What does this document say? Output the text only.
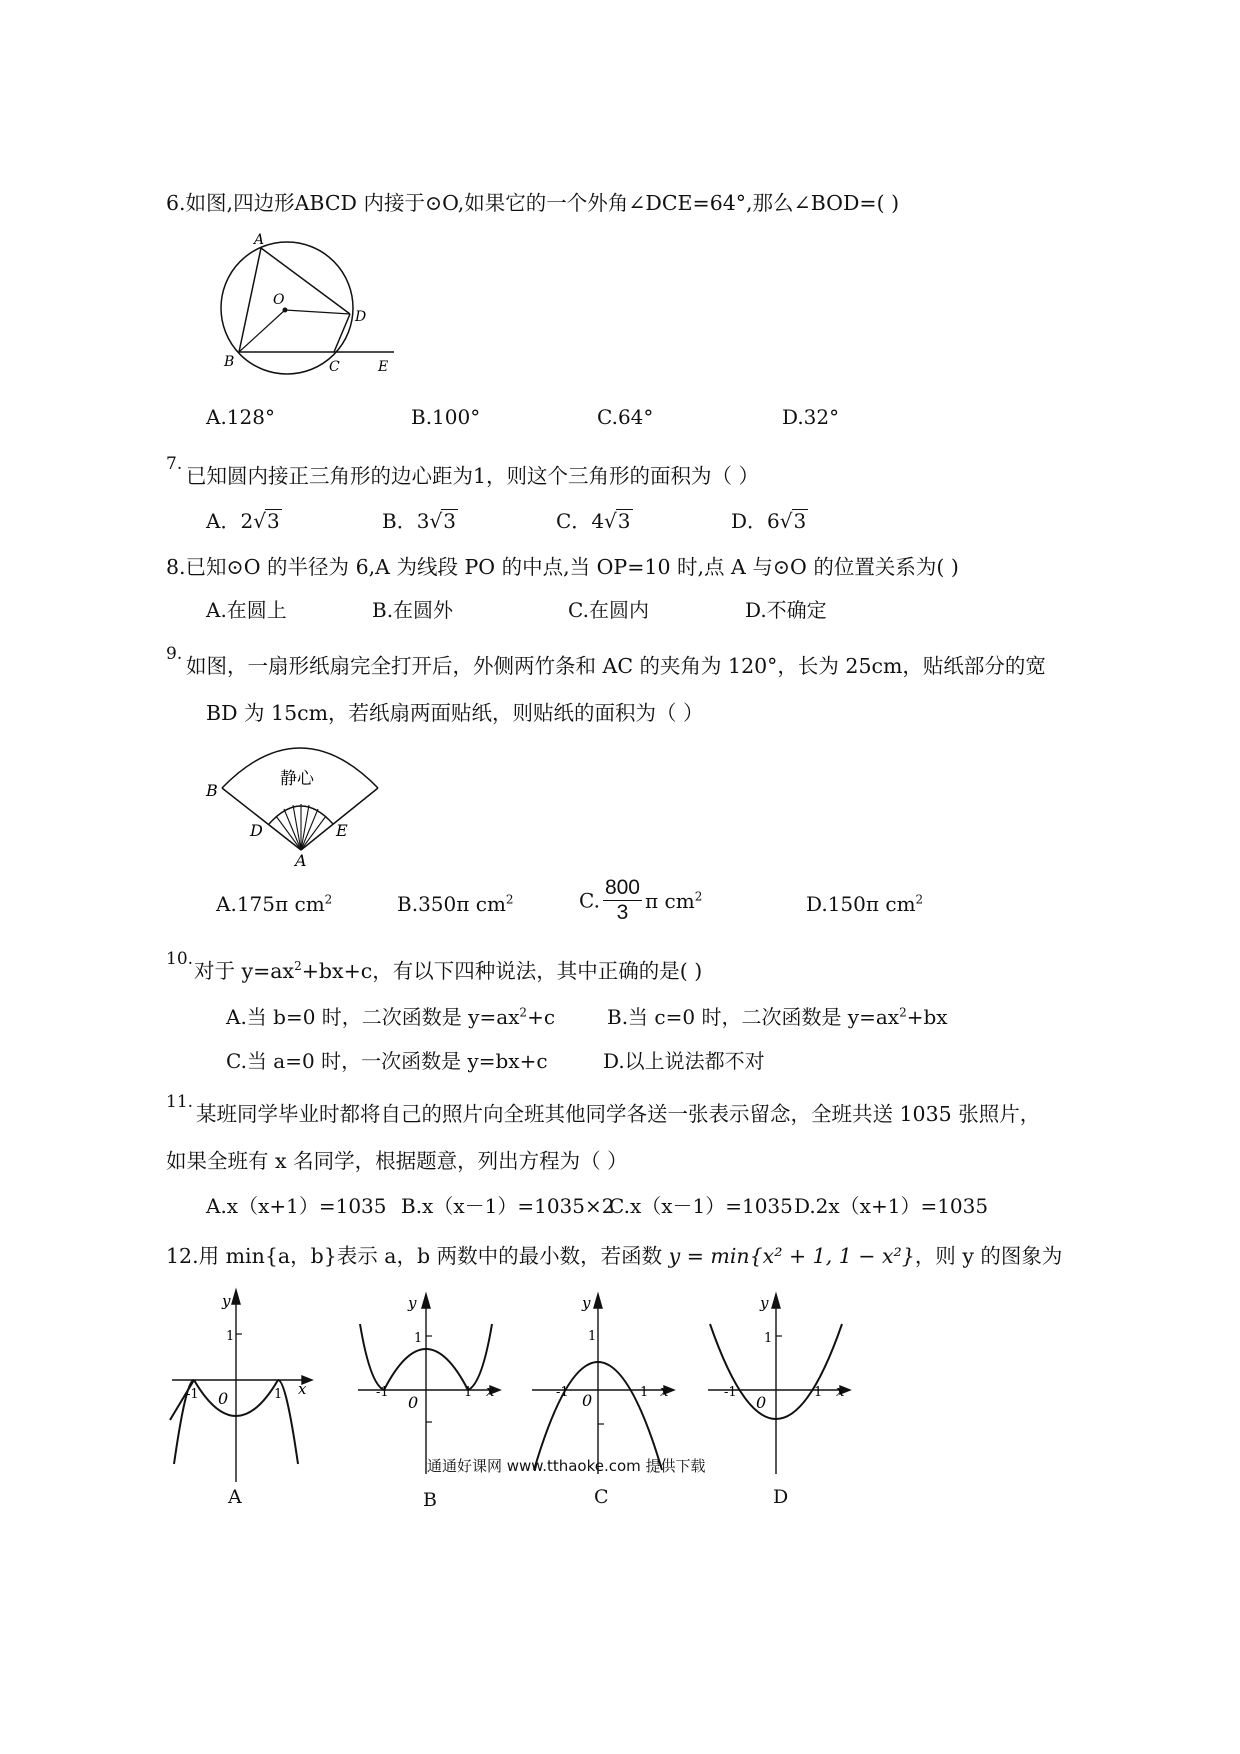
6.如图,四边形ABCD 内接于⊙O,如果它的一个外角∠DCE=64°,那么∠BOD=( )
A
O
D
B	C	E
A.128°	B.100°	C.64°	D.32°
7. 已知圆内接正三角形的边心距为1，则这个三角形的面积为（ ）
A．2√3	B．3√3	C．4√3	D．6√3
8.已知⊙O 的半径为 6,A 为线段 PO 的中点,当 OP=10 时,点 A 与⊙O 的位置关系为( )
A.在圆上	B.在圆外	C.在圆内	D.不确定
9. 如图，一扇形纸扇完全打开后，外侧两竹条和 AC 的夹角为 120°，长为 25cm，贴纸部分的宽
BD 为 15cm，若纸扇两面贴纸，则贴纸的面积为（ ）
静心
B
D	E
A
A.175π $cm^2$	B.350π $cm^2$	C. $\frac{800}{3}$ π $cm^2$	D.150π $cm^2$
10. 对于 $y=ax^2+bx+c$，有以下四种说法，其中正确的是( )
A.当 b=0 时，二次函数是 $y=ax^2+c$	B.当 c=0 时，二次函数是 $y=ax^2+bx$
C.当 a=0 时，一次函数是 y=bx+c	D.以上说法都不对
11. 某班同学毕业时都将自己的照片向全班其他同学各送一张表示留念，全班共送 1035 张照片，
如果全班有 x 名同学，根据题意，列出方程为（ ）
A.x（x+1）=1035 B.x（x－1）=1035×2
C.x（x－1）=1035 D.2x（x+1）=1035
12.用 min{a，b}表示 a，b 两数中的最小数，若函数 y = min{x² + 1, 1 − x²}，则 y 的图象为
y
x
1
-1	1
0
y
x
1
-1	1
0
y
x
1
-1	1
0
y
x
1
-1	1
0
A	B	C	D
通通好课网 www.tthaoke.com 提供下载
